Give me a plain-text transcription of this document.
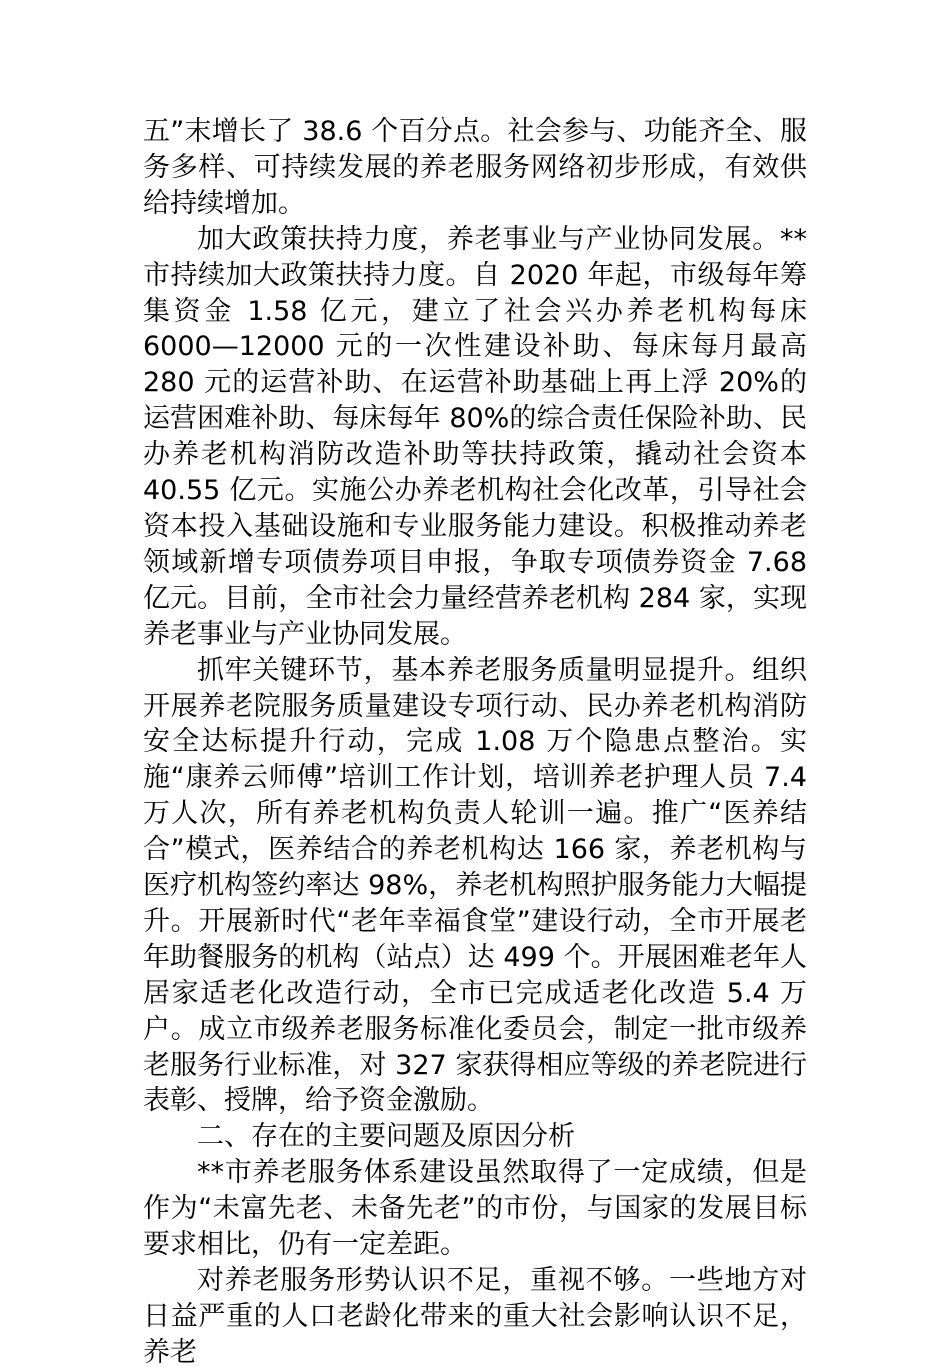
五”末增长了 38.6 个百分点。社会参与、功能齐全、服务多样、可持续发展的养老服务网络初步形成，有效供给持续增加。

加大政策扶持力度，养老事业与产业协同发展。**市持续加大政策扶持力度。自 2020 年起，市级每年筹集资金 1.58 亿元，建立了社会兴办养老机构每床 6000—12000 元的一次性建设补助、每床每月最高 280 元的运营补助、在运营补助基础上再上浮 20%的运营困难补助、每床每年 80%的综合责任保险补助、民办养老机构消防改造补助等扶持政策，撬动社会资本 40.55 亿元。实施公办养老机构社会化改革，引导社会资本投入基础设施和专业服务能力建设。积极推动养老领域新增专项债券项目申报，争取专项债券资金 7.68 亿元。目前，全市社会力量经营养老机构 284 家，实现养老事业与产业协同发展。

抓牢关键环节，基本养老服务质量明显提升。组织开展养老院服务质量建设专项行动、民办养老机构消防安全达标提升行动，完成 1.08 万个隐患点整治。实施“康养云师傅”培训工作计划，培训养老护理人员 7.4 万人次，所有养老机构负责人轮训一遍。推广“医养结合”模式，医养结合的养老机构达 166 家，养老机构与医疗机构签约率达 98%，养老机构照护服务能力大幅提升。开展新时代“老年幸福食堂”建设行动，全市开展老年助餐服务的机构（站点）达 499 个。开展困难老年人居家适老化改造行动，全市已完成适老化改造 5.4 万户。成立市级养老服务标准化委员会，制定一批市级养老服务行业标准，对 327 家获得相应等级的养老院进行表彰、授牌，给予资金激励。

二、存在的主要问题及原因分析

**市养老服务体系建设虽然取得了一定成绩，但是作为“未富先老、未备先老”的市份，与国家的发展目标要求相比，仍有一定差距。

对养老服务形势认识不足，重视不够。一些地方对日益严重的人口老龄化带来的重大社会影响认识不足，养老
